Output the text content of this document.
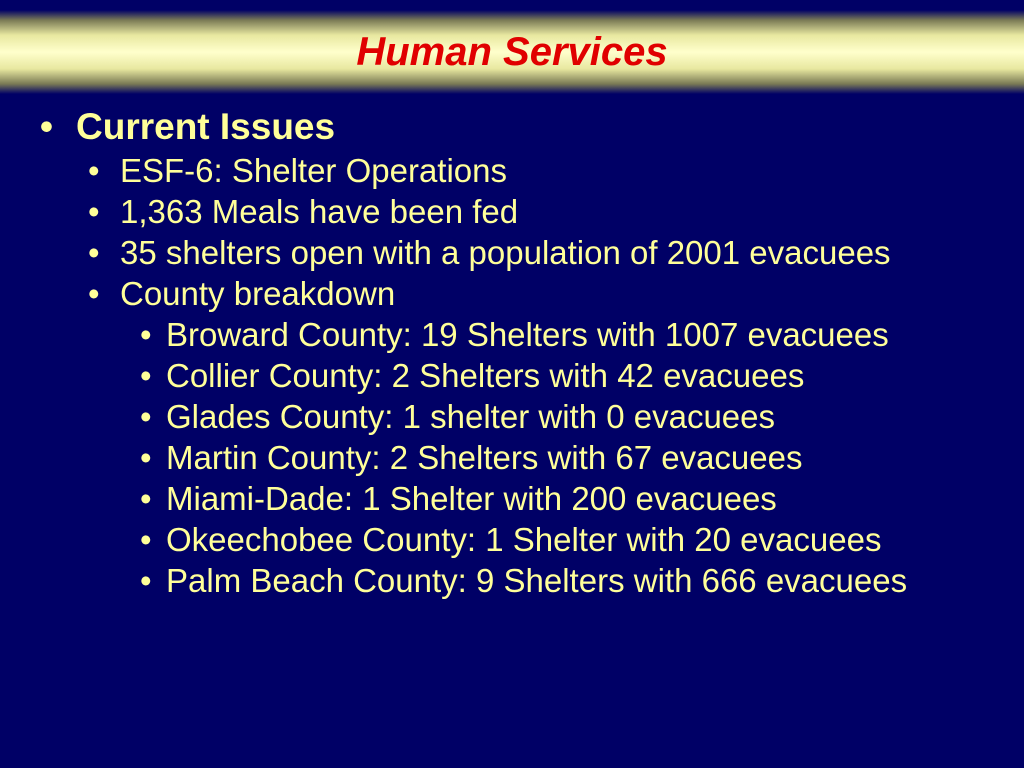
Human Services
• Current Issues
• ESF-6: Shelter Operations
• 1,363 Meals have been fed
• 35 shelters open with a population of 2001 evacuees
• County breakdown
• Broward County: 19 Shelters with 1007 evacuees
• Collier County: 2 Shelters with 42 evacuees
• Glades County: 1 shelter with 0 evacuees
• Martin County: 2 Shelters with 67 evacuees
• Miami-Dade: 1 Shelter with 200 evacuees
• Okeechobee County: 1 Shelter with 20 evacuees
• Palm Beach County: 9 Shelters with 666 evacuees
